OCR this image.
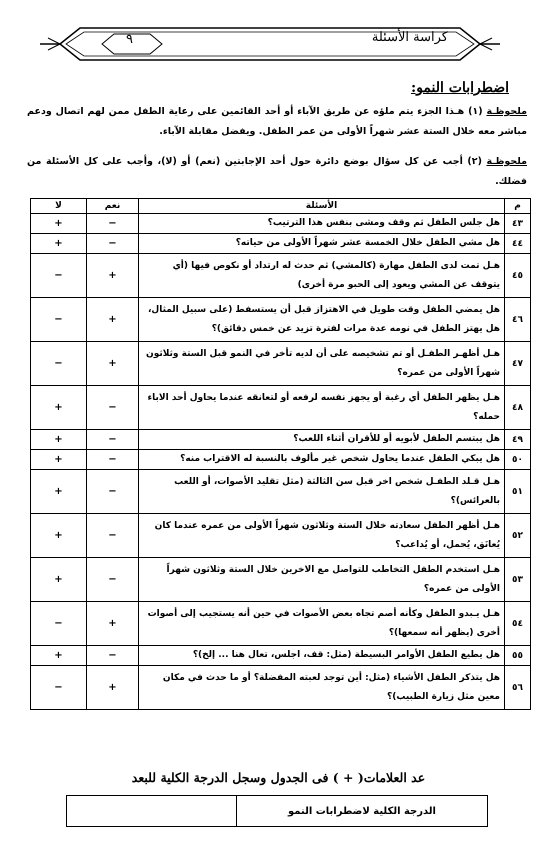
كراسة الأسئلة
٩
اضطرابات النمو:
ملحوظـة (١) هـذا الجزء يتم ملؤه عن طريق الآباء أو أحد القائمين على رعاية الطفل ممن لهم اتصال ودعم مباشر معه خلال الستة عشر شهراً الأولى من عمر الطفل. ويفضل مقابلة الآباء.
ملحوظـة (٢) أجب عن كل سؤال بوضع دائرة حول أحد الإجابتين (نعم) أو (لا)، وأجب على كل الأسئلة من فضلك.
م	الأسئلة	نعم	لا
٤٣	هل جلس الطفل ثم وقف ومشى بنفس هذا الترتيب؟	−	+
٤٤	هل مشي الطفل خلال الخمسة عشر شهراً الأولى من حياته؟	−	+
٤٥	هـل تمت لدى الطفل مهارة (كالمشي) ثم حدث له ارتداد أو نكوص فيها (أي يتوقف عن المشي ويعود إلى الحبو مرة أخرى)	+	−
٤٦	هل يمضي الطفل وقت طويل في الاهتزاز قبل أن يستسفط (على سبيل المثال، هل يهتز الطفل في نومه عدة مرات لفترة تزيد عن خمس دقائق)؟	+	−
٤٧	هـل أظهـر الطفـل أو تم تشخيصه على أن لديه تأخر في النمو قبل الستة وثلاثون شهراً الأولى من عمره؟	+	−
٤٨	هـل يظهر الطفل أي رغبة أو يجهز نفسه لرفعه أو لتعانقه عندما يحاول أحد الاباء حمله؟	−	+
٤٩	هل يبتسم الطفل لأبويه أو للأقران أثناء اللعب؟	−	+
٥٠	هل يبكي الطفل عندما يحاول شخص غير مألوف بالنسبة له الاقتراب منه؟	−	+
٥١	هـل قـلد الطفـل شخص اخر قبل سن الثالثة (مثل تقليد الأصوات، أو اللعب بالعرائس)؟	−	+
٥٢	هـل أظهر الطفل سعادته خلال الستة وثلاثون شهراً الأولى من عمره عندما كان يُعانَق، يُحمل، أو يُداعب؟	−	+
٥٣	هـل استخدم الطفل التخاطب للتواصل مع الاخرين خلال الستة وثلاثون شهراً الأولى من عمره؟	−	+
٥٤	هـل يـبدو الطفل وكأنه أصم تجاه بعض الأصوات في حين أنه يستجيب إلى أصوات أخرى (يظهر أنه سمعها)؟	+	−
٥٥	هل يطيع الطفل الأوامر البسيطة (مثل: قف، اجلس، تعال هنا ... إلخ)؟	−	+
٥٦	هل يتذكر الطفل الأشياء (مثل: أين توجد لعبته المفضلة؟ أو ما حدث في مكان معين مثل زيارة الطبيب)؟	+	−
عد العلامات( + ) فى الجدول وسجل الدرجة الكلية للبعد
الدرجة الكلية لاضطرابات النمو
